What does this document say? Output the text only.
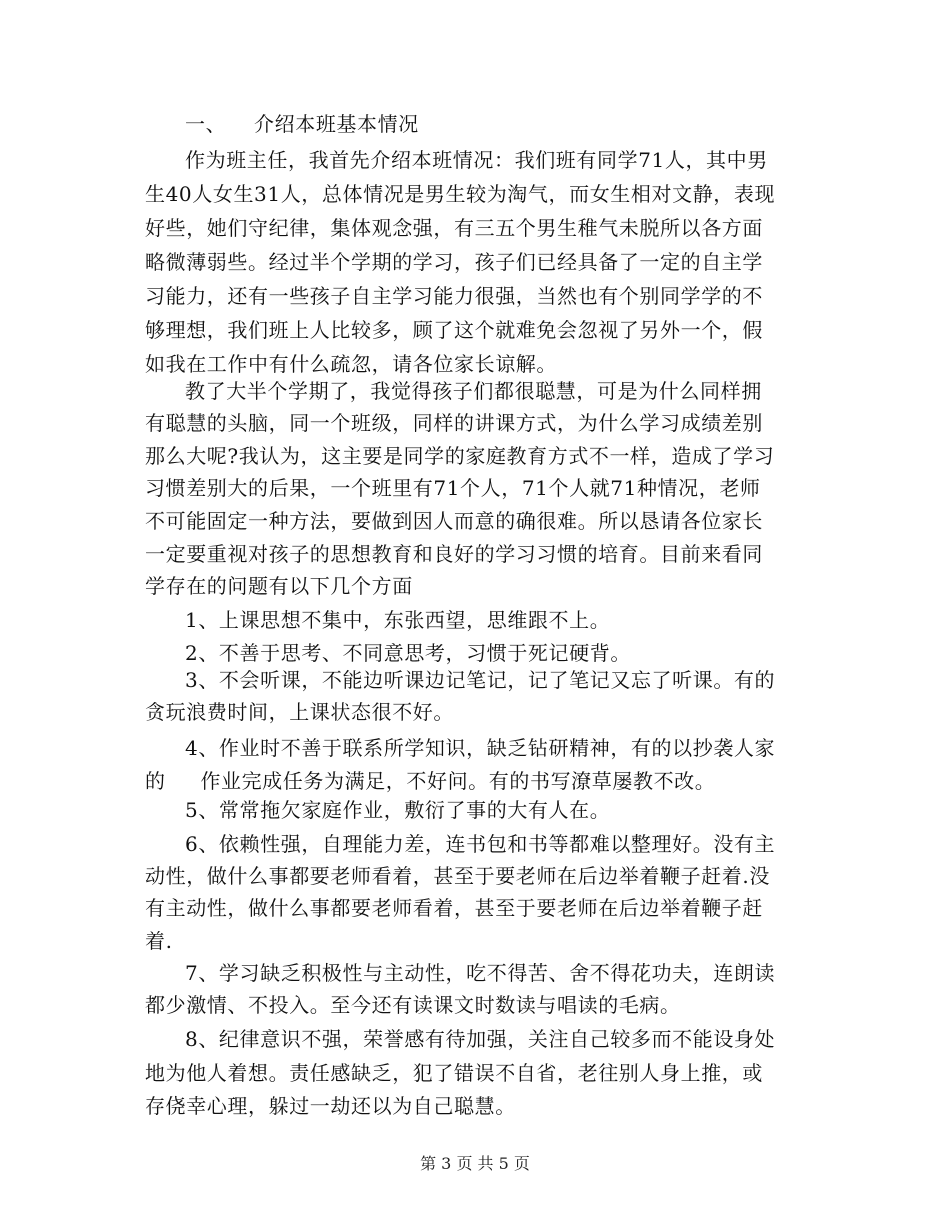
一、    介绍本班基本情况
作为班主任，我首先介绍本班情况：我们班有同学71人，其中男
生40人女生31人，总体情况是男生较为淘气，而女生相对文静，表现
好些，她们守纪律，集体观念强，有三五个男生稚气未脱所以各方面
略微薄弱些。经过半个学期的学习，孩子们已经具备了一定的自主学
习能力，还有一些孩子自主学习能力很强，当然也有个别同学学的不
够理想，我们班上人比较多，顾了这个就难免会忽视了另外一个，假
如我在工作中有什么疏忽，请各位家长谅解。
教了大半个学期了，我觉得孩子们都很聪慧，可是为什么同样拥
有聪慧的头脑，同一个班级，同样的讲课方式，为什么学习成绩差别
那么大呢?我认为，这主要是同学的家庭教育方式不一样，造成了学习
习惯差别大的后果，一个班里有71个人，71个人就71种情况，老师
不可能固定一种方法，要做到因人而意的确很难。所以恳请各位家长
一定要重视对孩子的思想教育和良好的学习习惯的培育。目前来看同
学存在的问题有以下几个方面
1、上课思想不集中，东张西望，思维跟不上。
2、不善于思考、不同意思考，习惯于死记硬背。
3、不会听课，不能边听课边记笔记，记了笔记又忘了听课。有的
贪玩浪费时间，上课状态很不好。
4、作业时不善于联系所学知识，缺乏钻研精神，有的以抄袭人家
的     作业完成任务为满足，不好问。有的书写潦草屡教不改。
5、常常拖欠家庭作业，敷衍了事的大有人在。
6、依赖性强，自理能力差，连书包和书等都难以整理好。没有主
动性，做什么事都要老师看着，甚至于要老师在后边举着鞭子赶着.没
有主动性，做什么事都要老师看着，甚至于要老师在后边举着鞭子赶
着.
7、学习缺乏积极性与主动性，吃不得苦、舍不得花功夫，连朗读
都少激情、不投入。至今还有读课文时数读与唱读的毛病。
8、纪律意识不强，荣誉感有待加强，关注自己较多而不能设身处
地为他人着想。责任感缺乏，犯了错误不自省，老往别人身上推，或
存侥幸心理，躲过一劫还以为自己聪慧。
第 3 页 共 5 页
